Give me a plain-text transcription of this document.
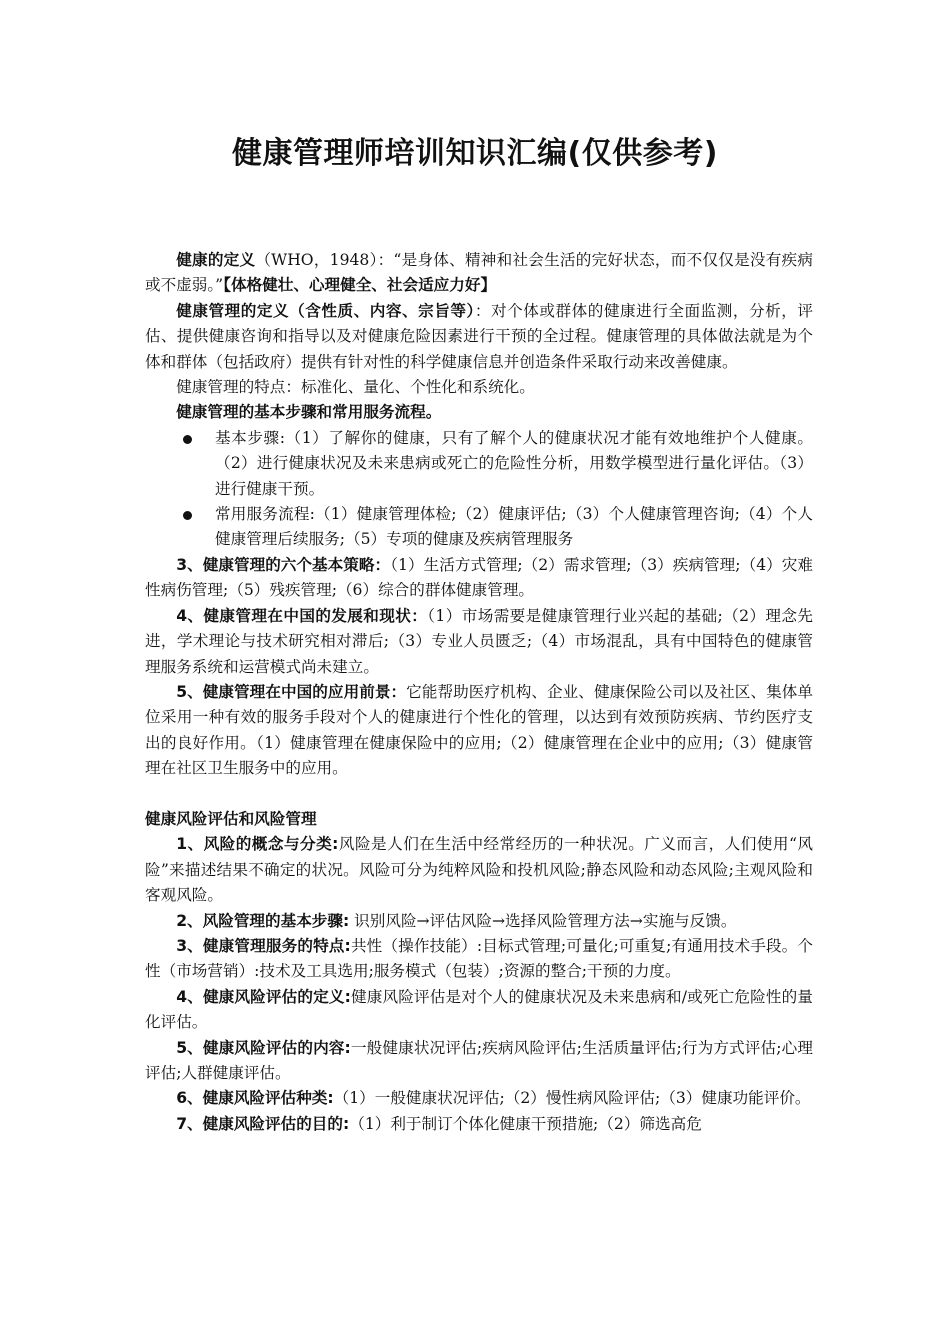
健康管理师培训知识汇编(仅供参考)

健康的定义（WHO，1948）：“是身体、精神和社会生活的完好状态，而不仅仅是没有疾病或不虚弱。”【体格健壮、心理健全、社会适应力好】

健康管理的定义（含性质、内容、宗旨等）：对个体或群体的健康进行全面监测，分析，评估、提供健康咨询和指导以及对健康危险因素进行干预的全过程。健康管理的具体做法就是为个体和群体（包括政府）提供有针对性的科学健康信息并创造条件采取行动来改善健康。

健康管理的特点：标准化、量化、个性化和系统化。

健康管理的基本步骤和常用服务流程。

基本步骤:（1）了解你的健康，只有了解个人的健康状况才能有效地维护个人健康。（2）进行健康状况及未来患病或死亡的危险性分析，用数学模型进行量化评估。（3）进行健康干预。

常用服务流程:（1）健康管理体检;（2）健康评估;（3）个人健康管理咨询;（4）个人健康管理后续服务;（5）专项的健康及疾病管理服务

3、健康管理的六个基本策略：（1）生活方式管理;（2）需求管理;（3）疾病管理;（4）灾难性病伤管理;（5）残疾管理;（6）综合的群体健康管理。

4、健康管理在中国的发展和现状：（1）市场需要是健康管理行业兴起的基础;（2）理念先进，学术理论与技术研究相对滞后;（3）专业人员匮乏;（4）市场混乱，具有中国特色的健康管理服务系统和运营模式尚未建立。

5、健康管理在中国的应用前景：它能帮助医疗机构、企业、健康保险公司以及社区、集体单位采用一种有效的服务手段对个人的健康进行个性化的管理，以达到有效预防疾病、节约医疗支出的良好作用。（1）健康管理在健康保险中的应用;（2）健康管理在企业中的应用;（3）健康管理在社区卫生服务中的应用。

健康风险评估和风险管理

1、风险的概念与分类:风险是人们在生活中经常经历的一种状况。广义而言，人们使用“风险”来描述结果不确定的状况。风险可分为纯粹风险和投机风险;静态风险和动态风险;主观风险和客观风险。

2、风险管理的基本步骤: 识别风险→评估风险→选择风险管理方法→实施与反馈。

3、健康管理服务的特点:共性（操作技能）:目标式管理;可量化;可重复;有通用技术手段。个性（市场营销）:技术及工具选用;服务模式（包装）;资源的整合;干预的力度。

4、健康风险评估的定义:健康风险评估是对个人的健康状况及未来患病和/或死亡危险性的量化评估。

5、健康风险评估的内容:一般健康状况评估;疾病风险评估;生活质量评估;行为方式评估;心理评估;人群健康评估。

6、健康风险评估种类:（1）一般健康状况评估;（2）慢性病风险评估;（3）健康功能评价。

7、健康风险评估的目的:（1）利于制订个体化健康干预措施;（2）筛选高危
